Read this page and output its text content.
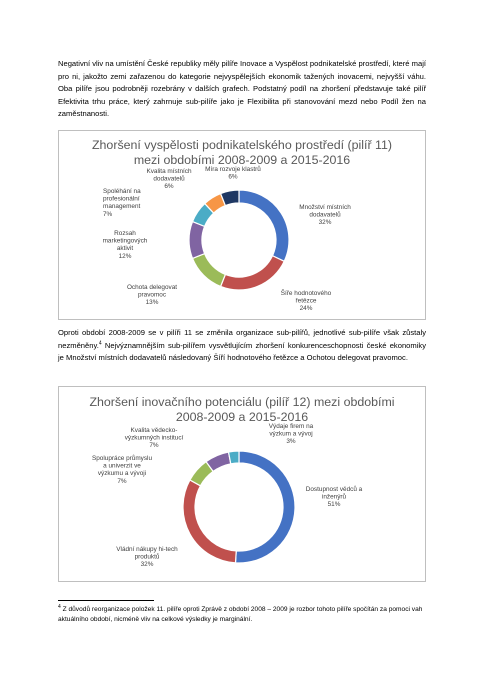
Negativní vliv na umístění České republiky měly pilíře Inovace a Vyspělost podnikatelské prostředí, které mají pro ni, jakožto zemi zařazenou do kategorie nejvyspělejších ekonomik tažených inovacemi, nejvyšší váhu. Oba pilíře jsou podrobněji rozebrány v dalších grafech. Podstatný podíl na zhoršení představuje také pilíř Efektivita trhu práce, který zahrnuje sub-pilíře jako je Flexibilita při stanovování mezd nebo Podíl žen na zaměstnanosti.

Zhoršení vyspělosti podnikatelského prostředí (pilíř 11)
mezi obdobími 2008-2009 a 2015-2016
Množství místních dodavatelů 32%
Šíře hodnotového řetězce 24%
Ochota delegovat pravomoc 13%
Rozsah marketingových aktivit 12%
Spoléhání na profesionální management 7%
Kvalita místních dodavatelů 6%
Míra rozvoje klastrů 6%

Oproti období 2008-2009 se v pilíři 11 se změnila organizace sub-pilířů, jednotlivé sub-pilíře však zůstaly nezměněny.$^4$ Nejvýznamnějším sub-pilířem vysvětlujícím zhoršení konkurenceschopnosti české ekonomiky je Množství místních dodavatelů následovaný Šíří hodnotového řetězce a Ochotou delegovat pravomoc.

Zhoršení inovačního potenciálu (pilíř 12) mezi obdobími
2008-2009 a 2015-2016
Dostupnost vědců a inženýrů 51%
Vládní nákupy hi-tech produktů 32%
Spolupráce průmyslu a univerzit ve výzkumu a vývoji 7%
Kvalita vědecko-výzkumných institucí 7%
Výdaje firem na výzkum a vývoj 3%

$^4$ Z důvodů reorganizace položek 11. pilíře oproti Zprávě z období 2008 – 2009 je rozbor tohoto pilíře spočítán za pomoci vah aktuálního období, nicméně vliv na celkové výsledky je marginální.
